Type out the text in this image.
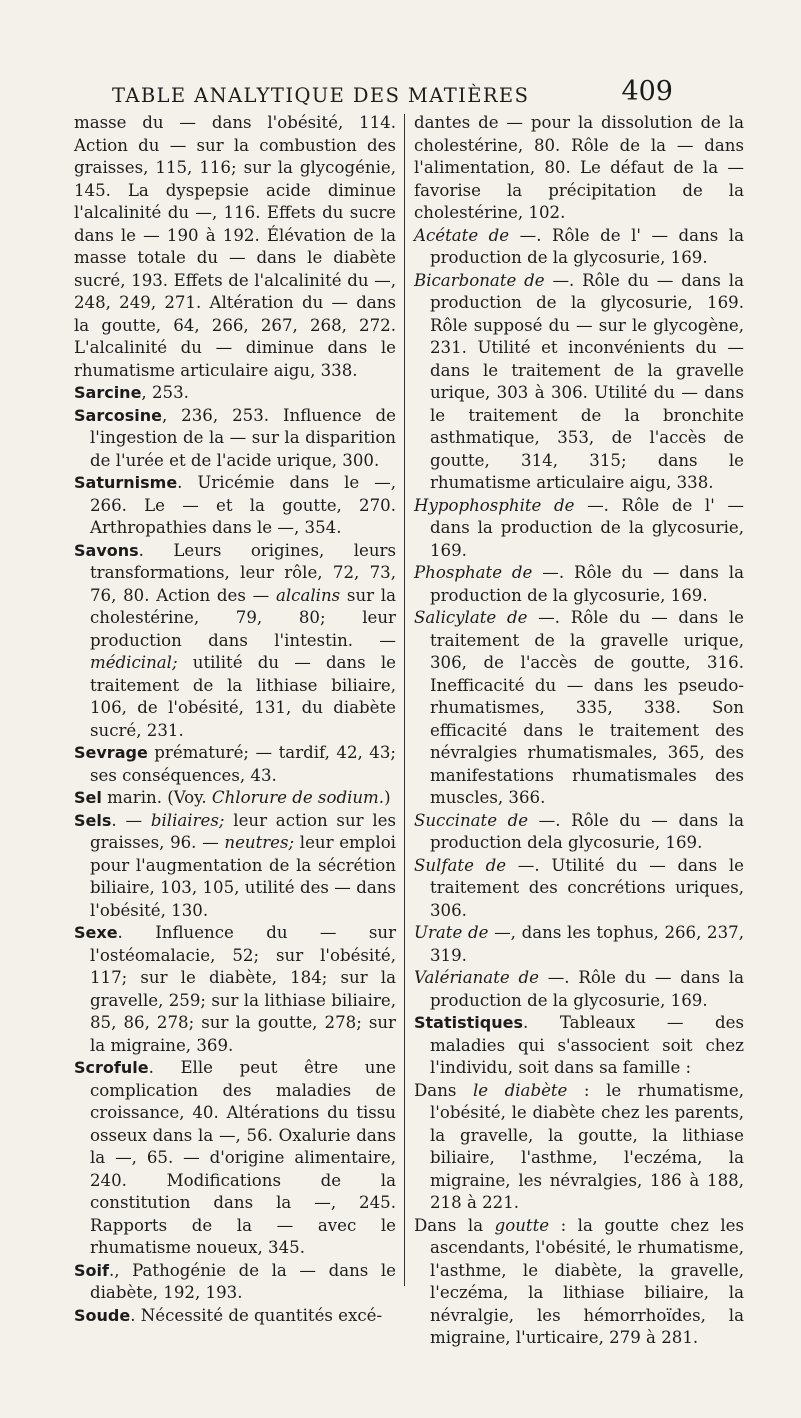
TABLE ANALYTIQUE DES MATIÈRES	409

masse du — dans l'obésité, 114. Action du — sur la combustion des graisses, 115, 116; sur la glycogénie, 145. La dyspepsie acide diminue l'alcalinité du —, 116. Effets du sucre dans le — 190 à 192. Élévation de la masse totale du — dans le diabète sucré, 193. Effets de l'alcalinité du —, 248, 249, 271. Altération du — dans la goutte, 64, 266, 267, 268, 272. L'alcalinité du — diminue dans le rhumatisme articulaire aigu, 338.

Sarcine, 253.

Sarcosine, 236, 253. Influence de l'ingestion de la — sur la disparition de l'urée et de l'acide urique, 300.

Saturnisme. Uricémie dans le —, 266. Le — et la goutte, 270. Arthropathies dans le —, 354.

Savons. Leurs origines, leurs transformations, leur rôle, 72, 73, 76, 80. Action des — alcalins sur la cholestérine, 79, 80; leur production dans l'intestin. — médicinal; utilité du — dans le traitement de la lithiase biliaire, 106, de l'obésité, 131, du diabète sucré, 231.

Sevrage prématuré; — tardif, 42, 43; ses conséquences, 43.

Sel marin. (Voy. Chlorure de sodium.)

Sels. — biliaires; leur action sur les graisses, 96. — neutres; leur emploi pour l'augmentation de la sécrétion biliaire, 103, 105, utilité des — dans l'obésité, 130.

Sexe. Influence du — sur l'ostéomalacie, 52; sur l'obésité, 117; sur le diabète, 184; sur la gravelle, 259; sur la lithiase biliaire, 85, 86, 278; sur la goutte, 278; sur la migraine, 369.

Scrofule. Elle peut être une complication des maladies de croissance, 40. Altérations du tissu osseux dans la —, 56. Oxalurie dans la —, 65. — d'origine alimentaire, 240. Modifications de la constitution dans la —, 245. Rapports de la — avec le rhumatisme noueux, 345.

Soif., Pathogénie de la — dans le diabète, 192, 193.

Soude. Nécessité de quantités excé-

dantes de — pour la dissolution de la cholestérine, 80. Rôle de la — dans l'alimentation, 80. Le défaut de la — favorise la précipitation de la cholestérine, 102.

Acétate de —. Rôle de l' — dans la production de la glycosurie, 169.

Bicarbonate de —. Rôle du — dans la production de la glycosurie, 169. Rôle supposé du — sur le glycogène, 231. Utilité et inconvénients du — dans le traitement de la gravelle urique, 303 à 306. Utilité du — dans le traitement de la bronchite asthmatique, 353, de l'accès de goutte, 314, 315; dans le rhumatisme articulaire aigu, 338.

Hypophosphite de —. Rôle de l' — dans la production de la glycosurie, 169.

Phosphate de —. Rôle du — dans la production de la glycosurie, 169.

Salicylate de —. Rôle du — dans le traitement de la gravelle urique, 306, de l'accès de goutte, 316. Inefficacité du — dans les pseudo-rhumatismes, 335, 338. Son efficacité dans le traitement des névralgies rhumatismales, 365, des manifestations rhumatismales des muscles, 366.

Succinate de —. Rôle du — dans la production dela glycosurie, 169.

Sulfate de —. Utilité du — dans le traitement des concrétions uriques, 306.

Urate de —, dans les tophus, 266, 237, 319.

Valérianate de —. Rôle du — dans la production de la glycosurie, 169.

Statistiques. Tableaux — des maladies qui s'associent soit chez l'individu, soit dans sa famille :

Dans le diabète : le rhumatisme, l'obésité, le diabète chez les parents, la gravelle, la goutte, la lithiase biliaire, l'asthme, l'eczéma, la migraine, les névralgies, 186 à 188, 218 à 221.

Dans la goutte : la goutte chez les ascendants, l'obésité, le rhumatisme, l'asthme, le diabète, la gravelle, l'eczéma, la lithiase biliaire, la névralgie, les hémorrhoïdes, la migraine, l'urticaire, 279 à 281.
